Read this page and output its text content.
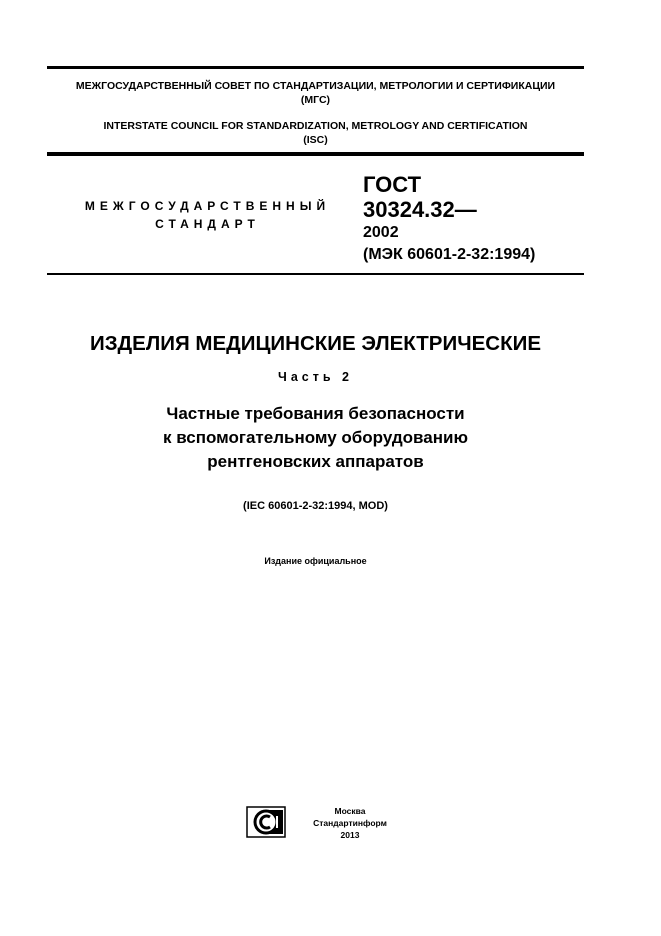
МЕЖГОСУДАРСТВЕННЫЙ СОВЕТ ПО СТАНДАРТИЗАЦИИ, МЕТРОЛОГИИ И СЕРТИФИКАЦИИ
(МГС)
INTERSTATE COUNCIL FOR STANDARDIZATION, METROLOGY AND CERTIFICATION
(ISC)
МЕЖГОСУДАРСТВЕННЫЙ
СТАНДАРТ
ГОСТ
30324.32—
2002
(МЭК 60601-2-32:1994)
ИЗДЕЛИЯ МЕДИЦИНСКИЕ ЭЛЕКТРИЧЕСКИЕ
Часть 2
Частные требования безопасности
к вспомогательному оборудованию
рентгеновских аппаратов
(IEC 60601-2-32:1994, MOD)
Издание официальное
Москва
Стандартинформ
2013
